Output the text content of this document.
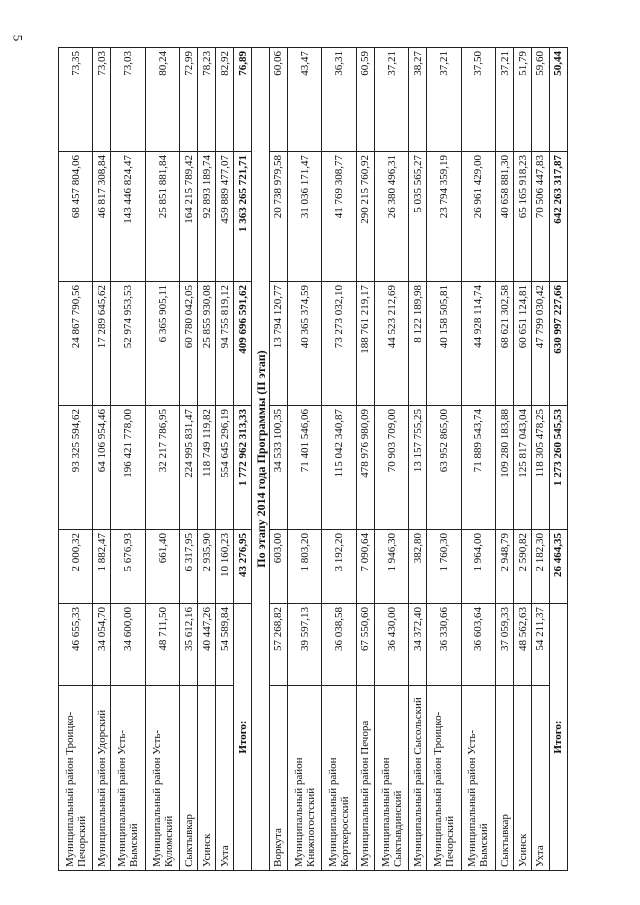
5
·
;
Муниципальный район Троицко-Печорский	46 655,33	2 000,32	93 325 594,62	24 867 790,56	68 457 804,06	73,35
Муниципальный район Удорский	34 054,70	1 882,47	64 106 954,46	17 289 645,62	46 817 308,84	73,03
Муниципальный район Усть-Вымский	34 600,00	5 676,93	196 421 778,00	52 974 953,53	143 446 824,47	73,03
Муниципальный район Усть-Куломский	48 711,50	661,40	32 217 786,95	6 365 905,11	25 851 881,84	80,24
Сыктывкар	35 612,16	6 317,95	224 995 831,47	60 780 042,05	164 215 789,42	72,99
Усинск	40 447,26	2 935,90	118 749 119,82	25 855 930,08	92 893 189,74	78,23
Ухта	54 589,84	10 160,23	554 645 296,19	94 755 819,12	459 889 477,07	82,92
Итого:		43 276,95	1 772 962 313,33	409 696 591,62	1 363 265 721,71	76,89
По этапу 2014 года Программы (II этап)						
Воркута	57 268,82	603,00	34 533 100,35	13 794 120,77	20 738 979,58	60,06
Муниципальный район Княжпогостский	39 597,13	1 803,20	71 401 546,06	40 365 374,59	31 036 171,47	43,47
Муниципальный район Корткеросский	36 038,58	3 192,20	115 042 340,87	73 273 032,10	41 769 308,77	36,31
Муниципальный район Печора	67 550,60	7 090,64	478 976 980,09	188 761 219,17	290 215 760,92	60,59
Муниципальный район Сыктывдинский	36 430,00	1 946,30	70 903 709,00	44 523 212,69	26 380 496,31	37,21
Муниципальный район Сысольский	34 372,40	382,80	13 157 755,25	8 122 189,98	5 035 565,27	38,27
Муниципальный район Троицко-Печорский	36 330,66	1 760,30	63 952 865,00	40 158 505,81	23 794 359,19	37,21
Муниципальный район Усть-Вымский	36 603,64	1 964,00	71 889 543,74	44 928 114,74	26 961 429,00	37,50
Сыктывкар	37 059,33	2 948,79	109 280 183,88	68 621 302,58	40 658 881,30	37,21
Усинск	48 562,63	2 590,82	125 817 043,04	60 651 124,81	65 165 918,23	51,79
Ухта	54 211,37	2 182,30	118 305 478,25	47 799 030,42	70 506 447,83	59,60
Итого:		26 464,35	1 273 260 545,53	630 997 227,66	642 263 317,87	50,44
